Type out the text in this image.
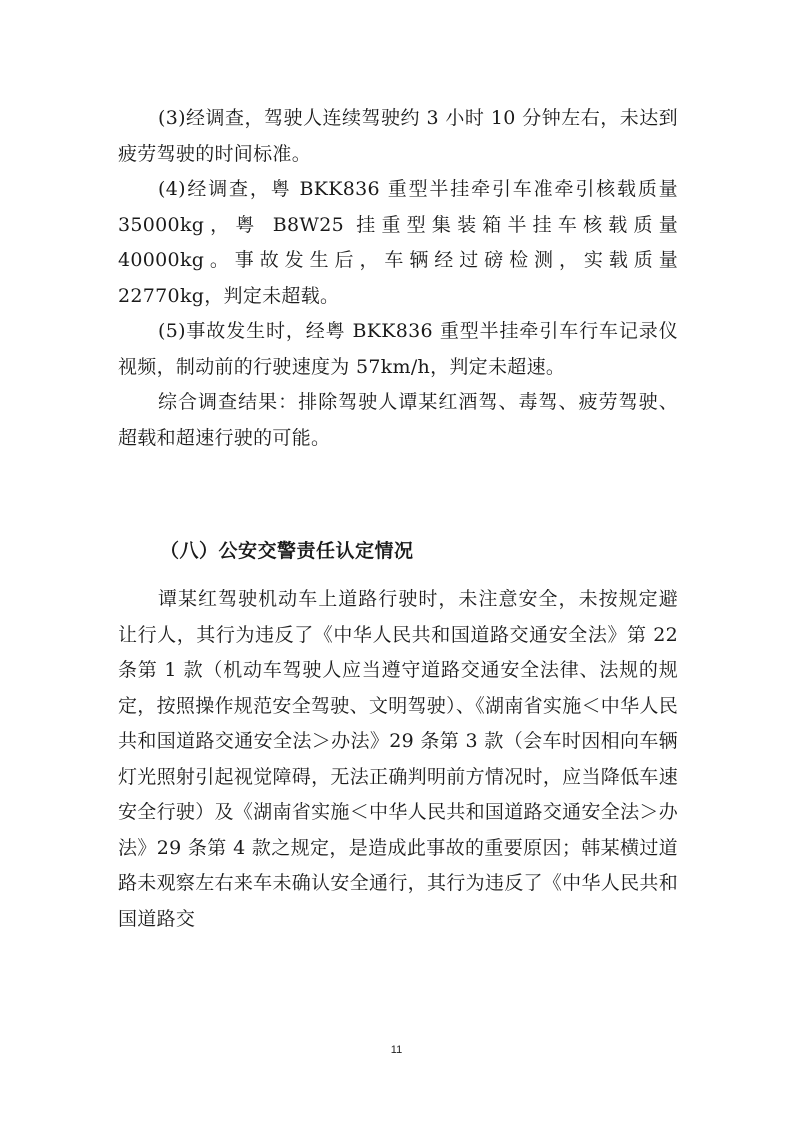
(3)经调查，驾驶人连续驾驶约 3 小时 10 分钟左右，未达到疲劳驾驶的时间标准。

(4)经调查，粤 BKK836 重型半挂牵引车准牵引核载质量 35000kg，粤 B8W25 挂重型集装箱半挂车核载质量 40000kg。事故发生后，车辆经过磅检测，实载质量 22770kg，判定未超载。

(5)事故发生时，经粤 BKK836 重型半挂牵引车行车记录仪视频，制动前的行驶速度为 57km/h，判定未超速。

综合调查结果：排除驾驶人谭某红酒驾、毒驾、疲劳驾驶、超载和超速行驶的可能。

（八）公安交警责任认定情况

谭某红驾驶机动车上道路行驶时，未注意安全，未按规定避让行人，其行为违反了《中华人民共和国道路交通安全法》第 22 条第 1 款（机动车驾驶人应当遵守道路交通安全法律、法规的规定，按照操作规范安全驾驶、文明驾驶）、《湖南省实施＜中华人民共和国道路交通安全法＞办法》29 条第 3 款（会车时因相向车辆灯光照射引起视觉障碍，无法正确判明前方情况时，应当降低车速安全行驶）及《湖南省实施＜中华人民共和国道路交通安全法＞办法》29 条第 4 款之规定，是造成此事故的重要原因；韩某横过道路未观察左右来车未确认安全通行，其行为违反了《中华人民共和国道路交

11
